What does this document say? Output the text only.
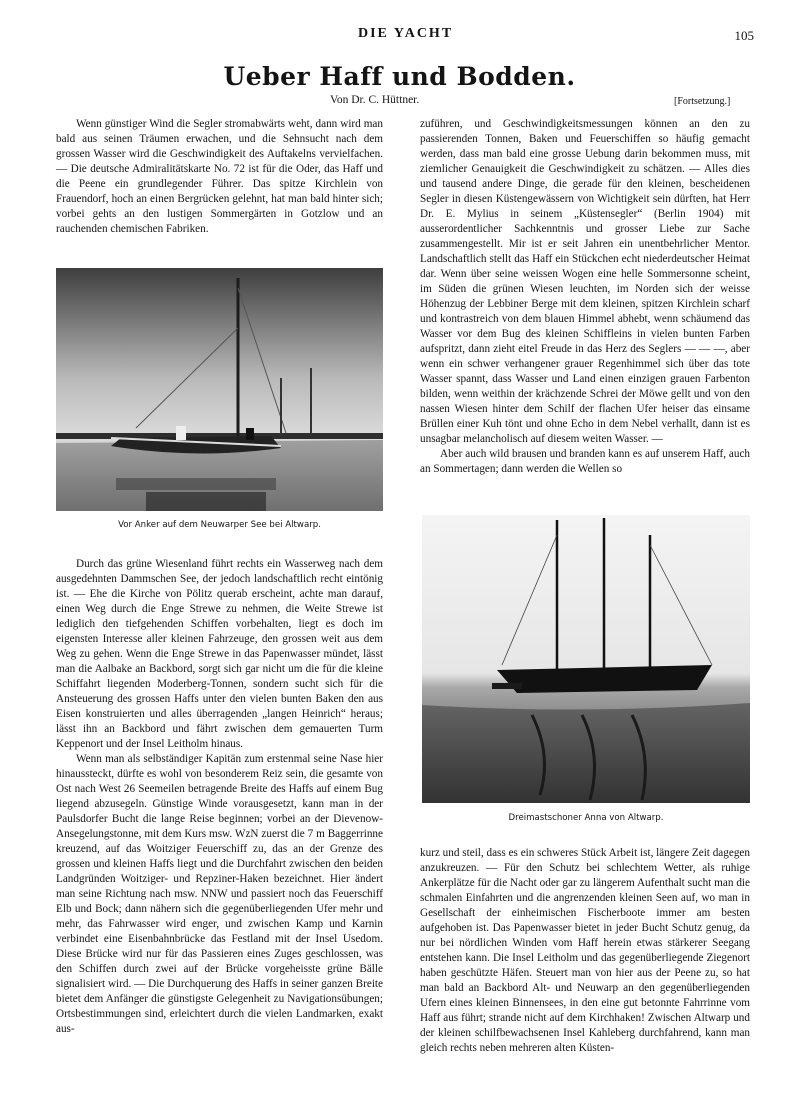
DIE YACHT	105
Ueber Haff und Bodden.
Von Dr. C. Hüttner.	[Fortsetzung.]

Wenn günstiger Wind die Segler stromabwärts weht, dann wird man bald aus seinen Träumen erwachen, und die Sehnsucht nach dem grossen Wasser wird die Geschwindigkeit des Auftakelns vervielfachen. — Die deutsche Admiralitätskarte No. 72 ist für die Oder, das Haff und die Peene ein grundlegender Führer. Das spitze Kirchlein von Frauendorf, hoch an einen Bergrücken gelehnt, hat man bald hinter sich; vorbei gehts an den lustigen Sommergärten in Gotzlow und an rauchenden chemischen Fabriken.

Vor Anker auf dem Neuwarper See bei Altwarp.

Durch das grüne Wiesenland führt rechts ein Wasserweg nach dem ausgedehnten Dammschen See, der jedoch landschaftlich recht eintönig ist. — Ehe die Kirche von Pölitz querab erscheint, achte man darauf, einen Weg durch die Enge Strewe zu nehmen, die Weite Strewe ist lediglich den tiefgehenden Schiffen vorbehalten, liegt es doch im eigensten Interesse aller kleinen Fahrzeuge, den grossen weit aus dem Weg zu gehen. Wenn die Enge Strewe in das Papenwasser mündet, lässt man die Aalbake an Backbord, sorgt sich gar nicht um die für die kleine Schiffahrt liegenden Moderberg-Tonnen, sondern sucht sich für die Ansteuerung des grossen Haffs unter den vielen bunten Baken den aus Eisen konstruierten und alles überragenden „langen Heinrich“ heraus; lässt ihn an Backbord und fährt zwischen dem gemauerten Turm Keppenort und der Insel Leitholm hinaus.

Wenn man als selbständiger Kapitän zum erstenmal seine Nase hier hinaussteckt, dürfte es wohl von besonderem Reiz sein, die gesamte von Ost nach West 26 Seemeilen betragende Breite des Haffs auf einem Bug liegend abzusegeln. Günstige Winde vorausgesetzt, kann man in der Paulsdorfer Bucht die lange Reise beginnen; vorbei an der Dievenow-Ansegelungstonne, mit dem Kurs msw. WzN zuerst die 7 m Baggerrinne kreuzend, auf das Woitziger Feuerschiff zu, das an der Grenze des grossen und kleinen Haffs liegt und die Durchfahrt zwischen den beiden Landgründen Woitziger- und Repziner-Haken bezeichnet. Hier ändert man seine Richtung nach msw. NNW und passiert noch das Feuerschiff Elb und Bock; dann nähern sich die gegenüberliegenden Ufer mehr und mehr, das Fahrwasser wird enger, und zwischen Kamp und Karnin verbindet eine Eisenbahnbrücke das Festland mit der Insel Usedom. Diese Brücke wird nur für das Passieren eines Zuges geschlossen, was den Schiffen durch zwei auf der Brücke vorgeheisste grüne Bälle signalisiert wird. — Die Durchquerung des Haffs in seiner ganzen Breite bietet dem Anfänger die günstigste Gelegenheit zu Navigationsübungen; Ortsbestimmungen sind, erleichtert durch die vielen Landmarken, exakt aus-

zuführen, und Geschwindigkeitsmessungen können an den zu passierenden Tonnen, Baken und Feuerschiffen so häufig gemacht werden, dass man bald eine grosse Uebung darin bekommen muss, mit ziemlicher Genauigkeit die Geschwindigkeit zu schätzen. — Alles dies und tausend andere Dinge, die gerade für den kleinen, bescheidenen Segler in diesen Küstengewässern von Wichtigkeit sein dürften, hat Herr Dr. E. Mylius in seinem „Küstensegler“ (Berlin 1904) mit ausserordentlicher Sachkenntnis und grosser Liebe zur Sache zusammengestellt. Mir ist er seit Jahren ein unentbehrlicher Mentor. Landschaftlich stellt das Haff ein Stückchen echt niederdeutscher Heimat dar. Wenn über seine weissen Wogen eine helle Sommersonne scheint, im Süden die grünen Wiesen leuchten, im Norden sich der weisse Höhenzug der Lebbiner Berge mit dem kleinen, spitzen Kirchlein scharf und kontrastreich von dem blauen Himmel abhebt, wenn schäumend das Wasser vor dem Bug des kleinen Schiffleins in vielen bunten Farben aufspritzt, dann zieht eitel Freude in das Herz des Seglers — — —, aber wenn ein schwer verhangener grauer Regenhimmel sich über das tote Wasser spannt, dass Wasser und Land einen einzigen grauen Farbenton bilden, wenn weithin der krächzende Schrei der Möwe gellt und von den nassen Wiesen hinter dem Schilf der flachen Ufer heiser das einsame Brüllen einer Kuh tönt und ohne Echo in dem Nebel verhallt, dann ist es unsagbar melancholisch auf diesem weiten Wasser. —

Aber auch wild brausen und branden kann es auf unserem Haff, auch an Sommertagen; dann werden die Wellen so

Dreimastschoner Anna von Altwarp.

kurz und steil, dass es ein schweres Stück Arbeit ist, längere Zeit dagegen anzukreuzen. — Für den Schutz bei schlechtem Wetter, als ruhige Ankerplätze für die Nacht oder gar zu längerem Aufenthalt sucht man die schmalen Einfahrten und die angrenzenden kleinen Seen auf, wo man in Gesellschaft der einheimischen Fischerboote immer am besten aufgehoben ist. Das Papenwasser bietet in jeder Bucht Schutz genug, da nur bei nördlichen Winden vom Haff herein etwas stärkerer Seegang entstehen kann. Die Insel Leitholm und das gegenüberliegende Ziegenort haben geschützte Häfen. Steuert man von hier aus der Peene zu, so hat man bald an Backbord Alt- und Neuwarp an den gegenüberliegenden Ufern eines kleinen Binnensees, in den eine gut betonnte Fahrrinne vom Haff aus führt; strande nicht auf dem Kirchhaken! Zwischen Altwarp und der kleinen schilfbewachsenen Insel Kahleberg durchfahrend, kann man gleich rechts neben mehreren alten Küsten-
